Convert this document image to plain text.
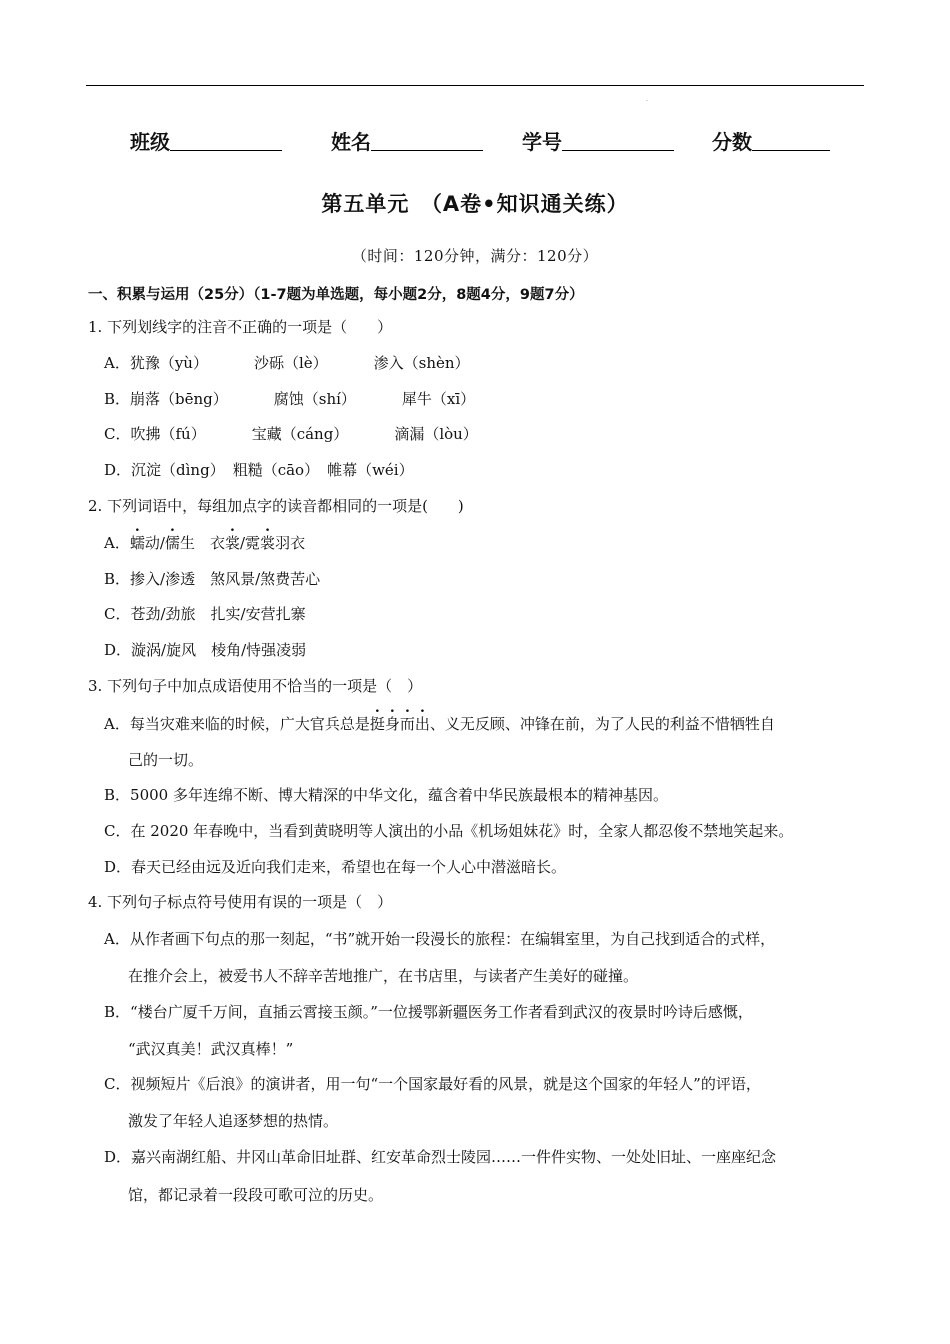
.
班级	姓名	学号	分数
第五单元　（A卷•知识通关练）
（时间：120分钟，满分：120分）
一、积累与运用（25分）（1-7题为单选题，每小题2分，8题4分，9题7分）
1. 下列划线字的注音不正确的一项是（　　）
A．犹豫（yù）	沙砾（lè）	渗入（shèn）
B．崩落（bēng）	腐蚀（shí）	犀牛（xī）
C．吹拂（fú）	宝藏（cáng）	滴漏（lòu）
D．沉淀（dìng） 粗糙（cāo） 帷幕（wéi）
2. 下列词语中，每组加点字的读音都相同的一项是(　　)
A．蠕动/儒生　衣裳/霓裳羽衣
B．掺入/渗透　煞风景/煞费苦心
C．苍劲/劲旅　扎实/安营扎寨
D．漩涡/旋风　棱角/恃强凌弱
3. 下列句子中加点成语使用不恰当的一项是（　）
A．每当灾难来临的时候，广大官兵总是挺身而出、义无反顾、冲锋在前，为了人民的利益不惜牺牲自
己的一切。
B．5000 多年连绵不断、博大精深的中华文化，蕴含着中华民族最根本的精神基因。
C．在 2020 年春晚中，当看到黄晓明等人演出的小品《机场姐妹花》时，全家人都忍俊不禁地笑起来。
D．春天已经由远及近向我们走来，希望也在每一个人心中潜滋暗长。
4. 下列句子标点符号使用有误的一项是（　）
A．从作者画下句点的那一刻起，“书”就开始一段漫长的旅程：在编辑室里，为自己找到适合的式样，
在推介会上，被爱书人不辞辛苦地推广，在书店里，与读者产生美好的碰撞。
B．“楼台广厦千万间，直插云霄接玉颜。”一位援鄂新疆医务工作者看到武汉的夜景时吟诗后感慨，
“武汉真美！武汉真棒！”
C．视频短片《后浪》的演讲者，用一句“一个国家最好看的风景，就是这个国家的年轻人”的评语，
激发了年轻人追逐梦想的热情。
D．嘉兴南湖红船、井冈山革命旧址群、红安革命烈士陵园……一件件实物、一处处旧址、一座座纪念
馆，都记录着一段段可歌可泣的历史。
